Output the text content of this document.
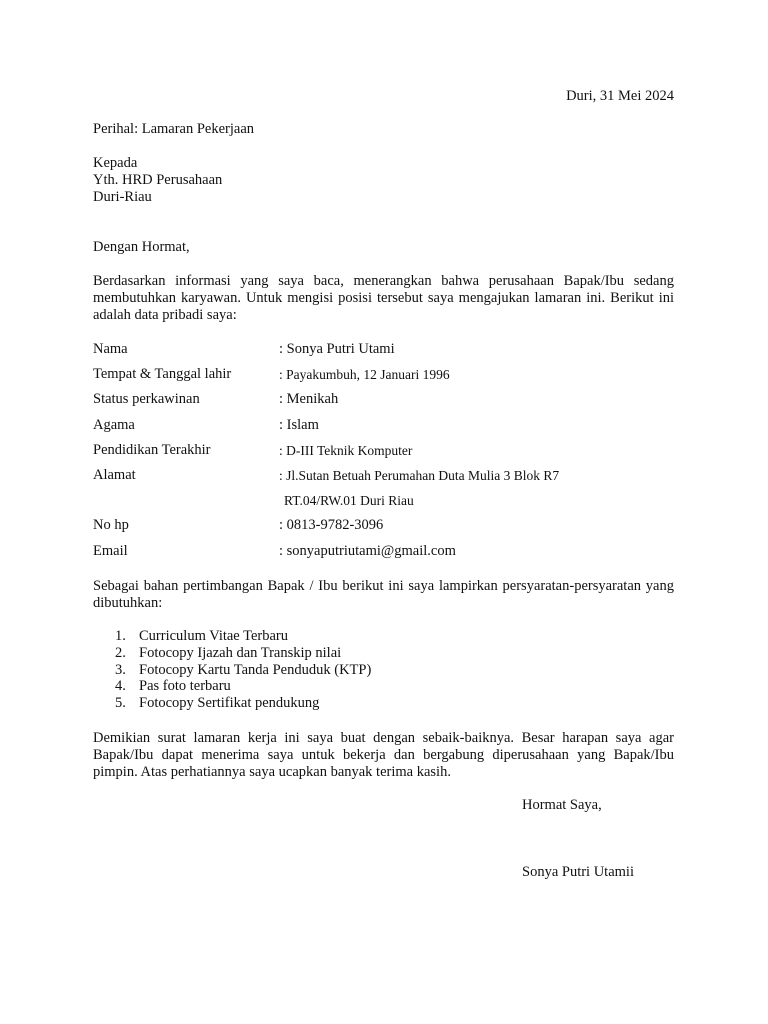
Duri, 31 Mei 2024
Perihal: Lamaran Pekerjaan
Kepada
Yth. HRD Perusahaan
Duri-Riau
Dengan Hormat,
Berdasarkan informasi yang saya baca, menerangkan bahwa perusahaan Bapak/Ibu sedang membutuhkan karyawan. Untuk mengisi posisi tersebut saya mengajukan lamaran ini. Berikut ini adalah data pribadi saya:
Nama	: Sonya Putri Utami
Tempat & Tanggal lahir	: Payakumbuh, 12 Januari 1996
Status perkawinan	: Menikah
Agama	: Islam
Pendidikan Terakhir	: D-III Teknik Komputer
Alamat	: Jl.Sutan Betuah Perumahan Duta Mulia 3 Blok R7
RT.04/RW.01 Duri Riau
No hp	: 0813-9782-3096
Email	: sonyaputriutami@gmail.com
Sebagai bahan pertimbangan Bapak / Ibu berikut ini saya lampirkan persyaratan-persyaratan yang dibutuhkan:
1. Curriculum Vitae Terbaru
2. Fotocopy Ijazah dan Transkip nilai
3. Fotocopy Kartu Tanda Penduduk (KTP)
4. Pas foto terbaru
5. Fotocopy Sertifikat pendukung
Demikian surat lamaran kerja ini saya buat dengan sebaik-baiknya. Besar harapan saya agar Bapak/Ibu dapat menerima saya untuk bekerja dan bergabung diperusahaan yang Bapak/Ibu pimpin. Atas perhatiannya saya ucapkan banyak terima kasih.
Hormat Saya,
Sonya Putri Utamii
